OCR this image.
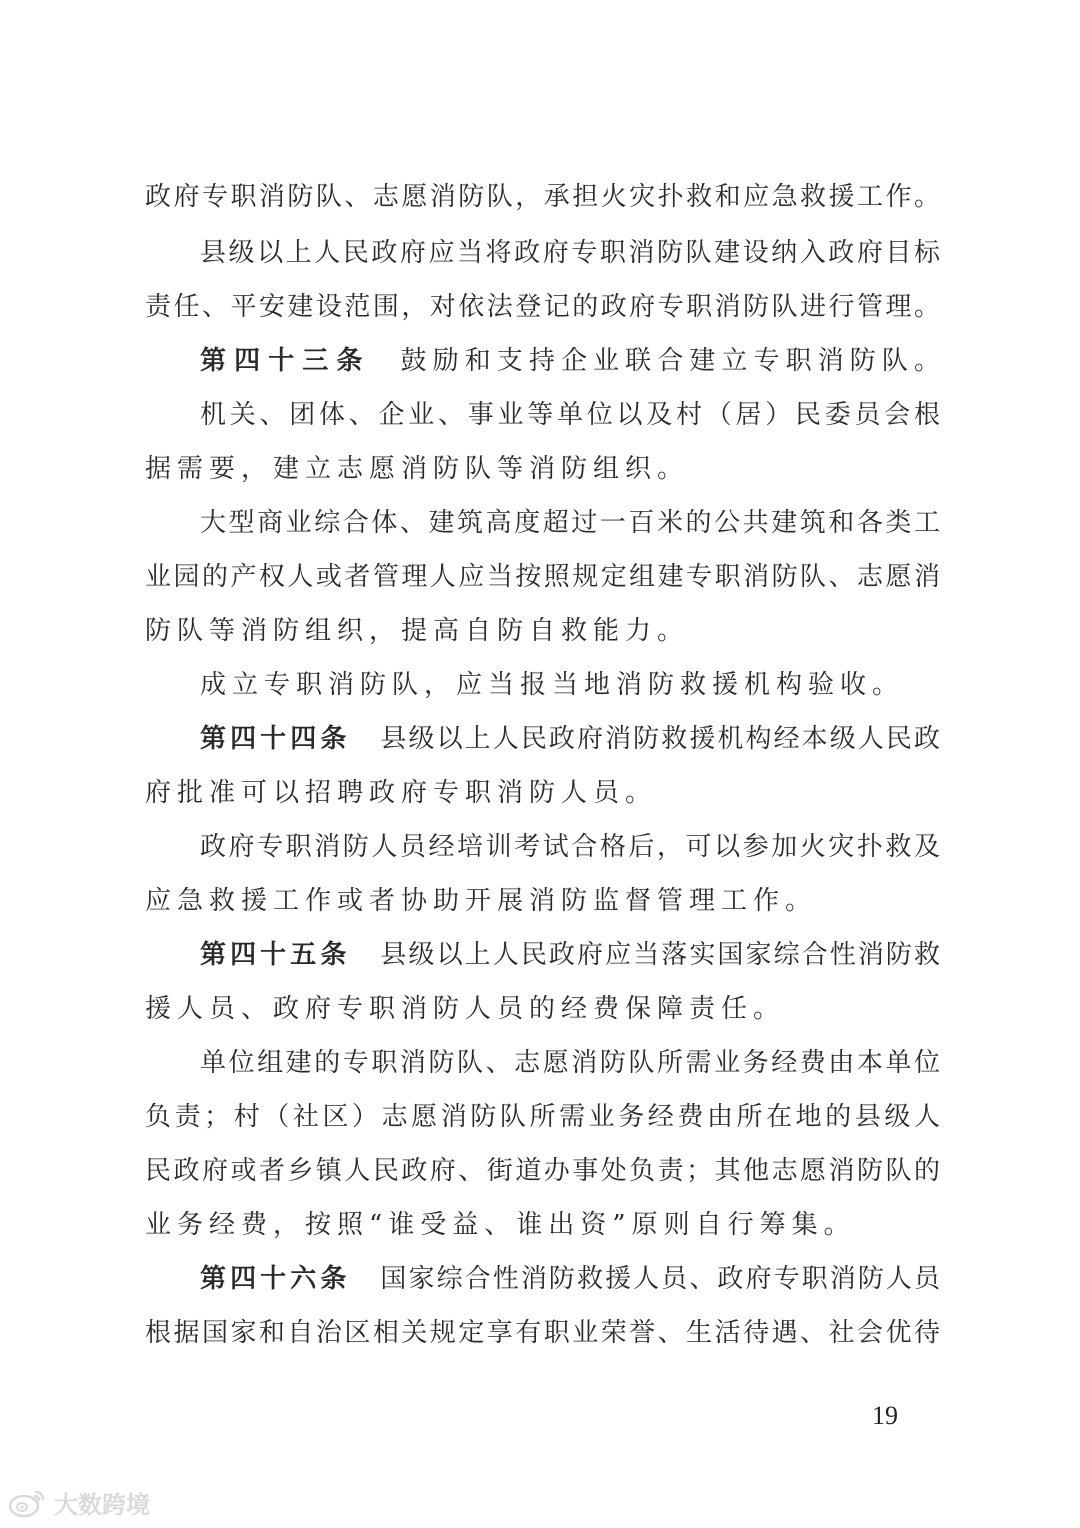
政府专职消防队、志愿消防队，承担火灾扑救和应急救援工作。
县级以上人民政府应当将政府专职消防队建设纳入政府目标
责任、平安建设范围，对依法登记的政府专职消防队进行管理。
第四十三条 鼓励和支持企业联合建立专职消防队。
机关、团体、企业、事业等单位以及村（居）民委员会根
据需要，建立志愿消防队等消防组织。
大型商业综合体、建筑高度超过一百米的公共建筑和各类工
业园的产权人或者管理人应当按照规定组建专职消防队、志愿消
防队等消防组织，提高自防自救能力。
成立专职消防队，应当报当地消防救援机构验收。
第四十四条 县级以上人民政府消防救援机构经本级人民政
府批准可以招聘政府专职消防人员。
政府专职消防人员经培训考试合格后，可以参加火灾扑救及
应急救援工作或者协助开展消防监督管理工作。
第四十五条 县级以上人民政府应当落实国家综合性消防救
援人员、政府专职消防人员的经费保障责任。
单位组建的专职消防队、志愿消防队所需业务经费由本单位
负责；村（社区）志愿消防队所需业务经费由所在地的县级人
民政府或者乡镇人民政府、街道办事处负责；其他志愿消防队的
业务经费，按照“谁受益、谁出资”原则自行筹集。
第四十六条 国家综合性消防救援人员、政府专职消防人员
根据国家和自治区相关规定享有职业荣誉、生活待遇、社会优待
19
大数跨境
